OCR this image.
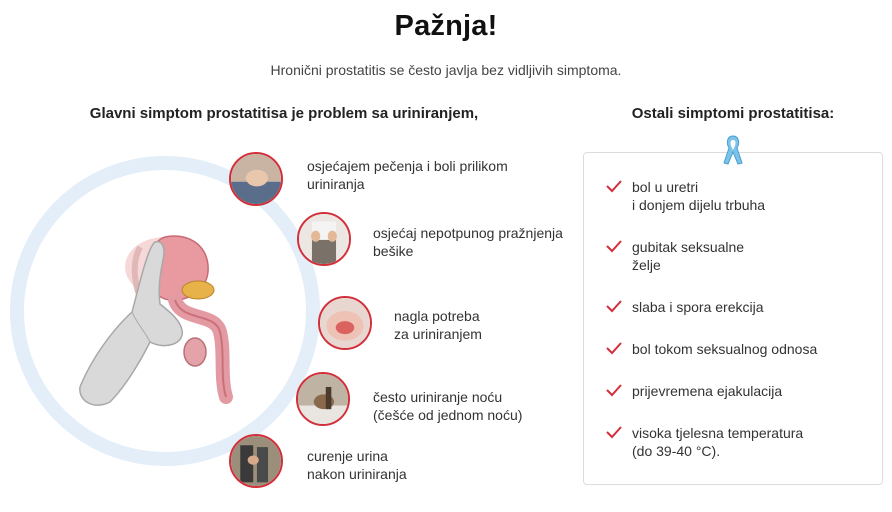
Pažnja!
Hronični prostatitis se često javlja bez vidljivih simptoma.
Glavni simptom prostatitisa je problem sa uriniranjem,	Ostali simptomi prostatitisa:
osjećajem pečenja i boli prilikom
uriniranja
osjećaj nepotpunog pražnjenja
bešike
nagla potreba
za uriniranjem
često uriniranje noću
(češće od jednom noću)
curenje urina
nakon uriniranja
bol u uretri
i donjem dijelu trbuha
gubitak seksualne
želje
slaba i spora erekcija
bol tokom seksualnog odnosa
prijevremena ejakulacija
visoka tjelesna temperatura
(do 39-40 °C).
